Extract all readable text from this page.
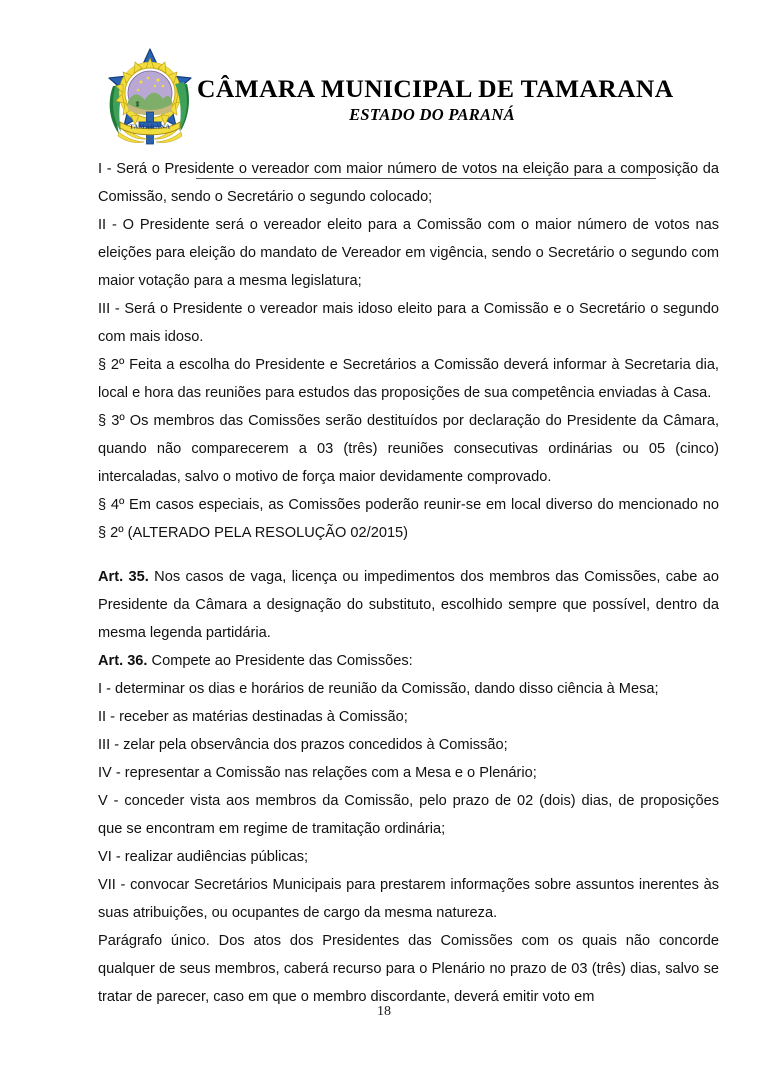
TAMARANA
CÂMARA MUNICIPAL DE TAMARANA
ESTADO DO PARANÁ

I - Será o Presidente o vereador com maior número de votos na eleição para a composição da Comissão, sendo o Secretário o segundo colocado;

II - O Presidente será o vereador eleito para a Comissão com o maior número de votos nas eleições para eleição do mandato de Vereador em vigência, sendo o Secretário o segundo com maior votação para a mesma legislatura;

III - Será o Presidente o vereador mais idoso eleito para a Comissão e o Secretário o segundo com mais idoso.

§ 2º Feita a escolha do Presidente e Secretários a Comissão deverá informar à Secretaria dia, local e hora das reuniões para estudos das proposições de sua competência enviadas à Casa.

§ 3º Os membros das Comissões serão destituídos por declaração do Presidente da Câmara, quando não comparecerem a 03 (três) reuniões consecutivas ordinárias ou 05 (cinco) intercaladas, salvo o motivo de força maior devidamente comprovado.

§ 4º Em casos especiais, as Comissões poderão reunir-se em local diverso do mencionado no § 2º (ALTERADO PELA RESOLUÇÃO 02/2015)

Art. 35. Nos casos de vaga, licença ou impedimentos dos membros das Comissões, cabe ao Presidente da Câmara a designação do substituto, escolhido sempre que possível, dentro da mesma legenda partidária.

Art. 36. Compete ao Presidente das Comissões:

I - determinar os dias e horários de reunião da Comissão, dando disso ciência à Mesa;

II - receber as matérias destinadas à Comissão;

III - zelar pela observância dos prazos concedidos à Comissão;

IV - representar a Comissão nas relações com a Mesa e o Plenário;

V - conceder vista aos membros da Comissão, pelo prazo de 02 (dois) dias, de proposições que se encontram em regime de tramitação ordinária;

VI - realizar audiências públicas;

VII - convocar Secretários Municipais para prestarem informações sobre assuntos inerentes às suas atribuições, ou ocupantes de cargo da mesma natureza.

Parágrafo único. Dos atos dos Presidentes das Comissões com os quais não concorde qualquer de seus membros, caberá recurso para o Plenário no prazo de 03 (três) dias, salvo se tratar de parecer, caso em que o membro discordante, deverá emitir voto em

18
